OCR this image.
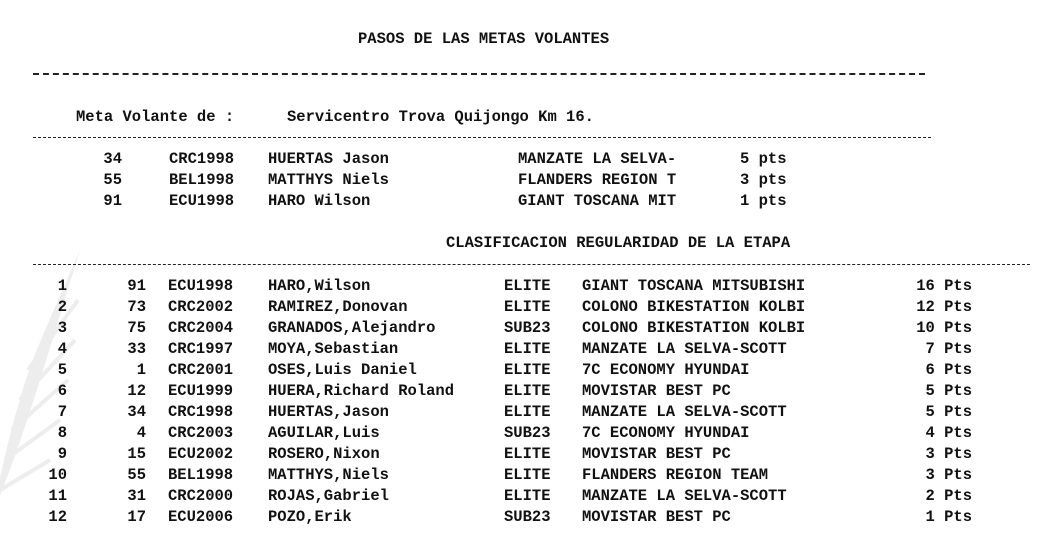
PASOS DE LAS METAS VOLANTES
Meta Volante de :	Servicentro Trova Quijongo Km 16.
34	CRC1998 HUERTAS Jason	MANZATE LA SELVA-	5 pts
55	BEL1998 MATTHYS Niels	FLANDERS REGION T	3 pts
91	ECU1998 HARO Wilson	GIANT TOSCANA MIT	1 pts
CLASIFICACION REGULARIDAD DE LA ETAPA
1	91 ECU1998 HARO,Wilson	ELITE GIANT TOSCANA MITSUBISHI	16 Pts
2	73 CRC2002 RAMIREZ,Donovan	ELITE COLONO BIKESTATION KOLBI	12 Pts
3	75 CRC2004 GRANADOS,Alejandro	SUB23 COLONO BIKESTATION KOLBI	10 Pts
4	33 CRC1997 MOYA,Sebastian	ELITE MANZATE LA SELVA-SCOTT	7 Pts
5	1 CRC2001 OSES,Luis Daniel	ELITE 7C ECONOMY HYUNDAI	6 Pts
6	12 ECU1999 HUERA,Richard Roland	ELITE MOVISTAR BEST PC	5 Pts
7	34 CRC1998 HUERTAS,Jason	ELITE MANZATE LA SELVA-SCOTT	5 Pts
8	4 CRC2003 AGUILAR,Luis	SUB23 7C ECONOMY HYUNDAI	4 Pts
9	15 ECU2002 ROSERO,Nixon	ELITE MOVISTAR BEST PC	3 Pts
10	55 BEL1998 MATTHYS,Niels	ELITE FLANDERS REGION TEAM	3 Pts
11	31 CRC2000 ROJAS,Gabriel	ELITE MANZATE LA SELVA-SCOTT	2 Pts
12	17 ECU2006 POZO,Erik	SUB23 MOVISTAR BEST PC	1 Pts
